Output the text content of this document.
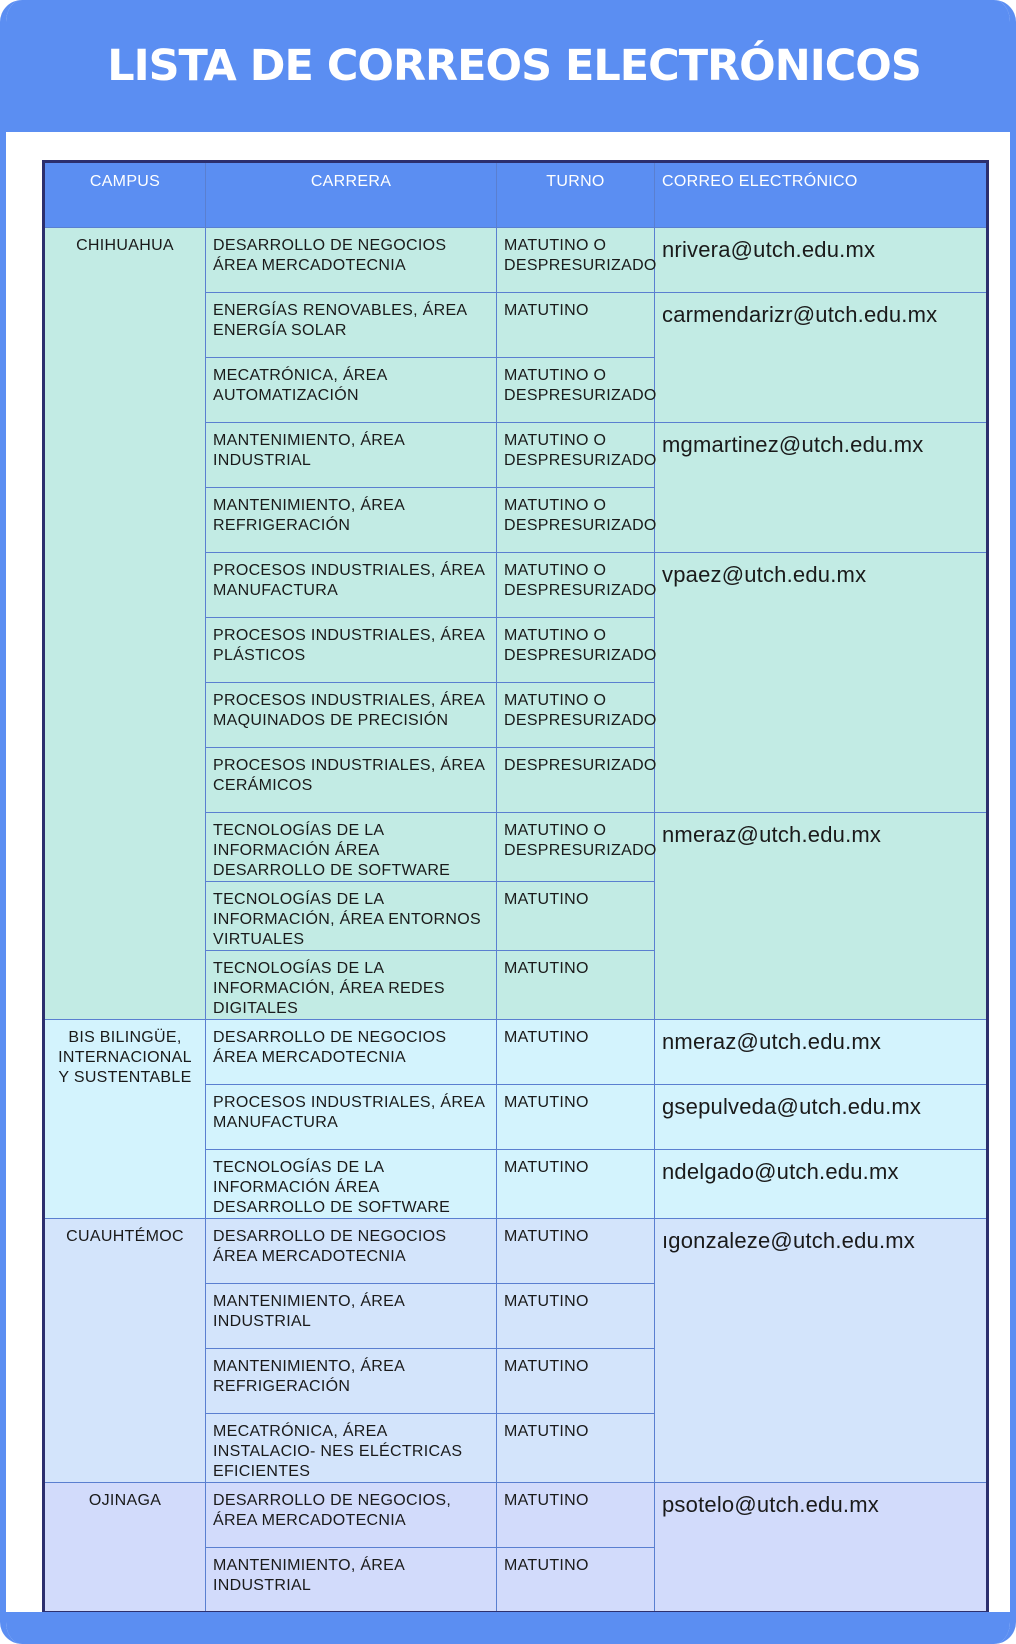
LISTA DE CORREOS ELECTRÓNICOS
CAMPUS	CARRERA	TURNO	CORREO ELECTRÓNICO
CHIHUAHUA	DESARROLLO DE NEGOCIOS ÁREA MERCADOTECNIA	MATUTINO O DESPRESURIZADO	nrivera@utch.edu.mx
	ENERGÍAS RENOVABLES, ÁREA ENERGÍA SOLAR	MATUTINO	carmendarizr@utch.edu.mx
	MECATRÓNICA, ÁREA AUTOMATIZACIÓN	MATUTINO O DESPRESURIZADO	
	MANTENIMIENTO, ÁREA INDUSTRIAL	MATUTINO O DESPRESURIZADO	mgmartinez@utch.edu.mx
	MANTENIMIENTO, ÁREA REFRIGERACIÓN	MATUTINO O DESPRESURIZADO	
	PROCESOS INDUSTRIALES, ÁREA MANUFACTURA	MATUTINO O DESPRESURIZADO	vpaez@utch.edu.mx
	PROCESOS INDUSTRIALES, ÁREA PLÁSTICOS	MATUTINO O DESPRESURIZADO	
	PROCESOS INDUSTRIALES, ÁREA MAQUINADOS DE PRECISIÓN	MATUTINO O DESPRESURIZADO	
	PROCESOS INDUSTRIALES, ÁREA CERÁMICOS	DESPRESURIZADO	
	TECNOLOGÍAS DE LA INFORMACIÓN ÁREA DESARROLLO DE SOFTWARE	MATUTINO O DESPRESURIZADO	nmeraz@utch.edu.mx
	TECNOLOGÍAS DE LA INFORMACIÓN, ÁREA ENTORNOS VIRTUALES	MATUTINO	
	TECNOLOGÍAS DE LA INFORMACIÓN, ÁREA REDES DIGITALES	MATUTINO	
BIS BILINGÜE, INTERNACIONAL Y SUSTENTABLE	DESARROLLO DE NEGOCIOS ÁREA MERCADOTECNIA	MATUTINO	nmeraz@utch.edu.mx
	PROCESOS INDUSTRIALES, ÁREA MANUFACTURA	MATUTINO	gsepulveda@utch.edu.mx
	TECNOLOGÍAS DE LA INFORMACIÓN ÁREA DESARROLLO DE SOFTWARE	MATUTINO	ndelgado@utch.edu.mx
CUAUHTÉMOC	DESARROLLO DE NEGOCIOS ÁREA MERCADOTECNIA	MATUTINO	ıgonzaleze@utch.edu.mx
	MANTENIMIENTO, ÁREA INDUSTRIAL	MATUTINO	
	MANTENIMIENTO, ÁREA REFRIGERACIÓN	MATUTINO	
	MECATRÓNICA, ÁREA INSTALACIO- NES ELÉCTRICAS EFICIENTES	MATUTINO	
OJINAGA	DESARROLLO DE NEGOCIOS, ÁREA MERCADOTECNIA	MATUTINO	psotelo@utch.edu.mx
	MANTENIMIENTO, ÁREA INDUSTRIAL	MATUTINO	
